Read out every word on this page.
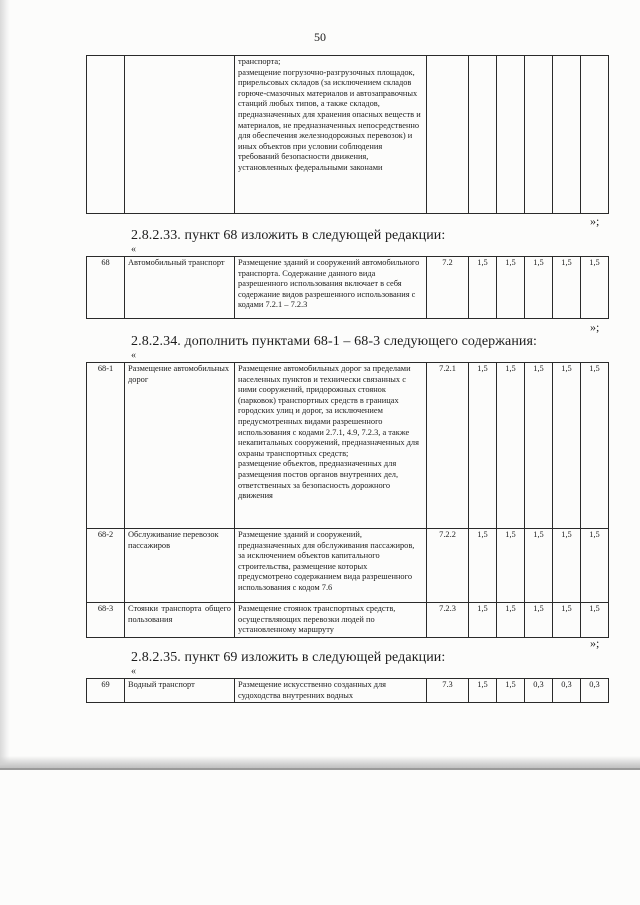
50
		транспорта;
размещение погрузочно-разгрузочных площадок, прирельсовых складов (за исключением складов горюче-смазочных материалов и автозаправочных станций любых типов, а также складов, предназначенных для хранения опасных веществ и материалов, не предназначенных непосредственно для обеспечения железнодорожных перевозок) и иных объектов при условии соблюдения требований безопасности движения, установленных федеральными законами						
»;
2.8.2.33. пункт 68 изложить в следующей редакции:
«
68	Автомобильный транспорт	Размещение зданий и сооружений автомобильного транспорта. Содержание данного вида разрешенного использования включает в себя содержание видов разрешенного использования с кодами 7.2.1 – 7.2.3	7.2	1,5	1,5	1,5	1,5	1,5
»;
2.8.2.34. дополнить пунктами 68-1 – 68-3 следующего содержания:
«
68-1	Размещение автомобильных дорог	Размещение автомобильных дорог за пределами населенных пунктов и технически связанных с ними сооружений, придорожных стоянок (парковок) транспортных средств в границах городских улиц и дорог, за исключением предусмотренных видами разрешенного использования с кодами 2.7.1, 4.9, 7.2.3, а также некапитальных сооружений, предназначенных для охраны транспортных средств;
размещение объектов, предназначенных для размещения постов органов внутренних дел, ответственных за безопасность дорожного движения	7.2.1	1,5	1,5	1,5	1,5	1,5
68-2	Обслуживание перевозок пассажиров	Размещение зданий и сооружений, предназначенных для обслуживания пассажиров, за исключением объектов капитального строительства, размещение которых предусмотрено содержанием вида разрешенного использования с кодом 7.6	7.2.2	1,5	1,5	1,5	1,5	1,5
68-3	Стоянки транспорта общего пользования	Размещение стоянок транспортных средств, осуществляющих перевозки людей по установленному маршруту	7.2.3	1,5	1,5	1,5	1,5	1,5
»;
2.8.2.35. пункт 69 изложить в следующей редакции:
«
69	Водный транспорт	Размещение искусственно созданных для судоходства внутренних водных	7.3	1,5	1,5	0,3	0,3	0,3
